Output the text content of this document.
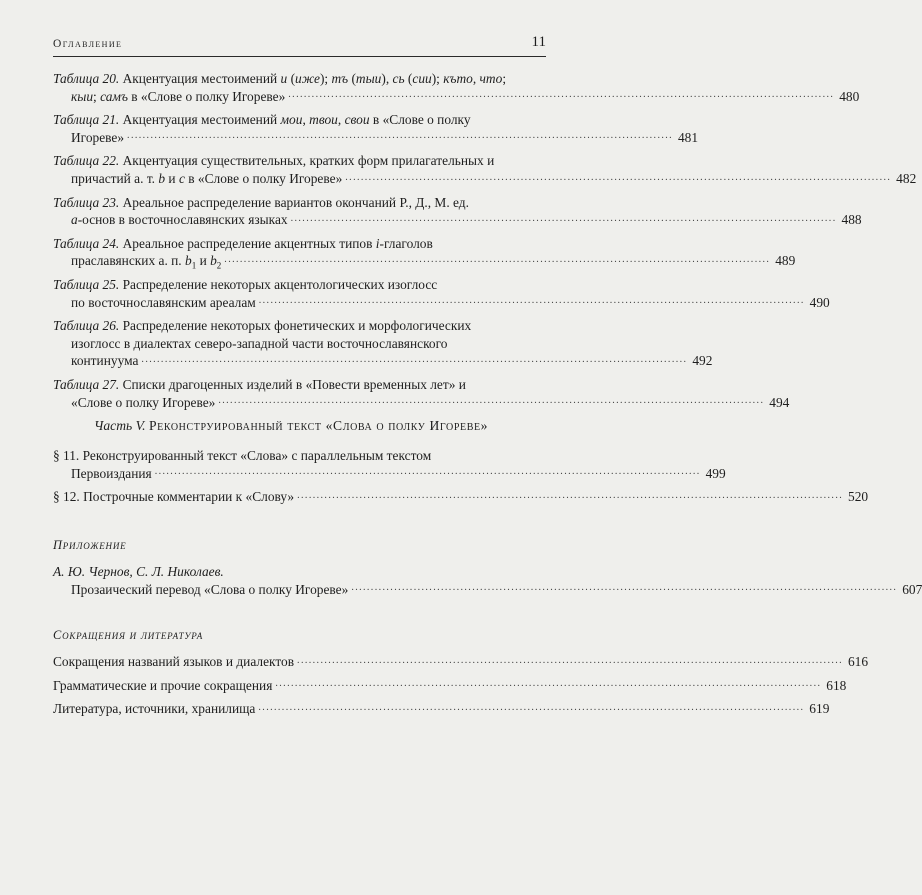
Оглавление	11
Таблица 20. Акцентуация местоимений и (иже); тъ (тыи), сь (сии); къто, что;
кыи; самъ в «Слове о полку Игореве» ............................................................................................................................................ 480
Таблица 21. Акцентуация местоимений мои, твои, свои в «Слове о полку
Игореве» ............................................................................................................................................ 481
Таблица 22. Акцентуация существительных, кратких форм прилагательных и
причастий а. т. b и c в «Слове о полку Игореве» ............................................................................................................................................ 482
Таблица 23. Ареальное распределение вариантов окончаний Р., Д., М. ед.
a-основ в восточнославянских языках ............................................................................................................................................ 488
Таблица 24. Ареальное распределение акцентных типов i-глаголов
праславянских а. п. $b_1$ и $b_2$
............................................................................................................................................ 489
Таблица 25. Распределение некоторых акцентологических изоглосс
по восточнославянским ареалам ............................................................................................................................................ 490
Таблица 26. Распределение некоторых фонетических и морфологических
изоглосс в диалектах северо-западной части восточнославянского
континуума ............................................................................................................................................ 492
Таблица 27. Списки драгоценных изделий в «Повести временных лет» и
«Слове о полку Игореве» ............................................................................................................................................ 494
Часть V. Реконструированный текст «Слова о полку Игореве»
§ 11. Реконструированный текст «Слова» с параллельным текстом
Первоиздания ............................................................................................................................................ 499
§ 12. Построчные комментарии к «Слову» ............................................................................................................................................ 520
Приложение
А. Ю. Чернов, С. Л. Николаев.
Прозаический перевод «Слова о полку Игореве» ............................................................................................................................................ 607
Сокращения и литература
Сокращения названий языков и диалектов ............................................................................................................................................ 616
Грамматические и прочие сокращения ............................................................................................................................................ 618
Литература, источники, хранилища ............................................................................................................................................ 619
